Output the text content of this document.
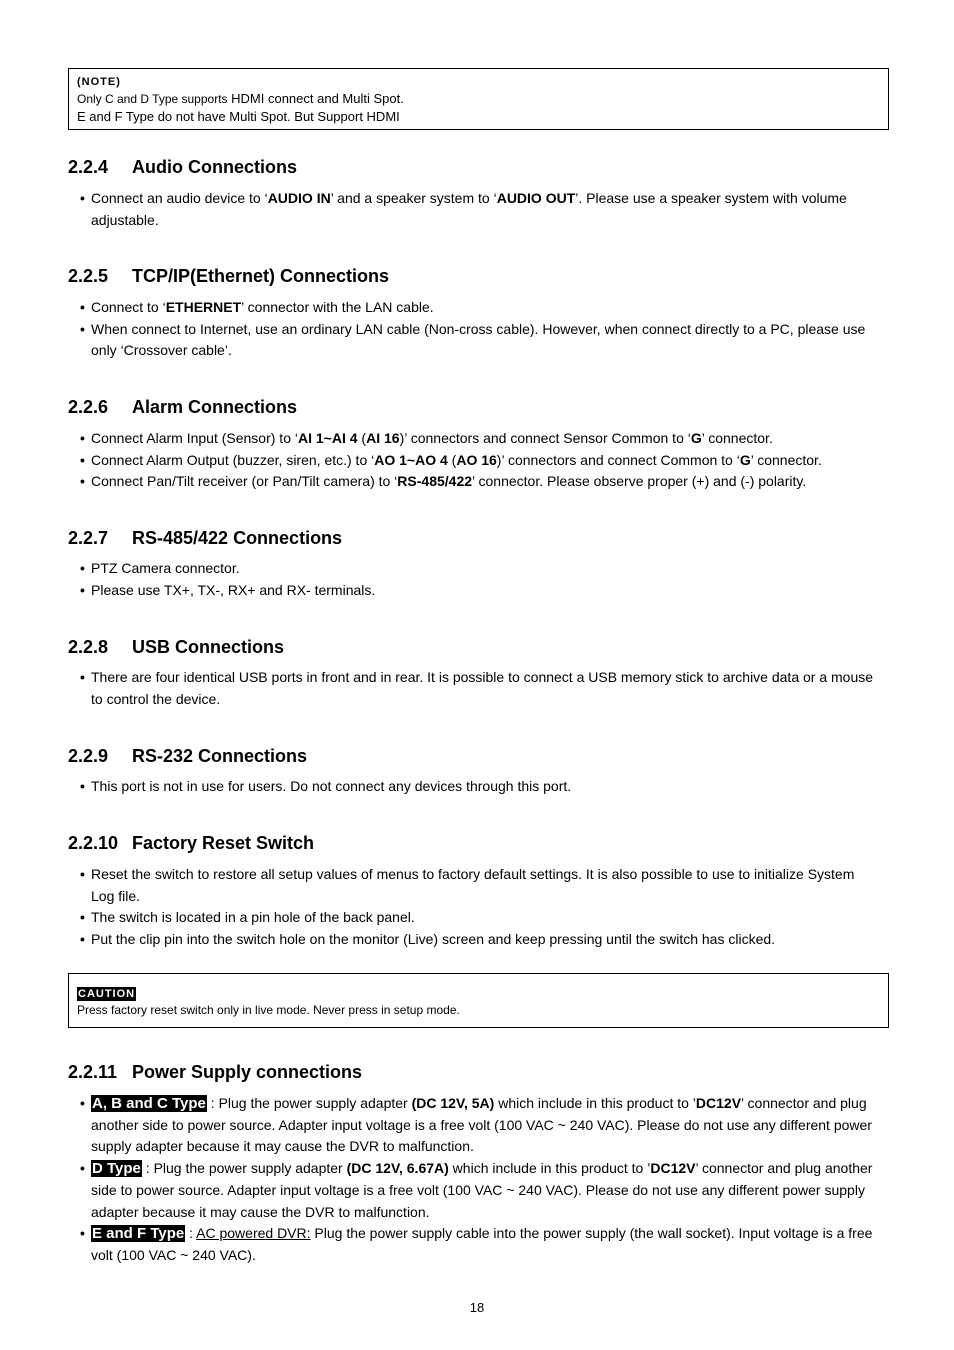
(NOTE)
Only C and D Type supports HDMI connect and Multi Spot.
E and F Type do not have Multi Spot. But Support HDMI
2.2.4 Audio Connections
• Connect an audio device to ‘AUDIO IN’ and a speaker system to ‘AUDIO OUT’. Please use a speaker system with volume adjustable.
2.2.5 TCP/IP(Ethernet) Connections
• Connect to ‘ETHERNET’ connector with the LAN cable.
• When connect to Internet, use an ordinary LAN cable (Non-cross cable). However, when connect directly to a PC, please use only ‘Crossover cable’.
2.2.6 Alarm Connections
• Connect Alarm Input (Sensor) to ‘AI 1~AI 4 (AI 16)’ connectors and connect Sensor Common to ‘G’ connector.
• Connect Alarm Output (buzzer, siren, etc.) to ‘AO 1~AO 4 (AO 16)’ connectors and connect Common to ‘G’ connector.
• Connect Pan/Tilt receiver (or Pan/Tilt camera) to ‘RS-485/422’ connector. Please observe proper (+) and (-) polarity.
2.2.7 RS-485/422 Connections
• PTZ Camera connector.
• Please use TX+, TX-, RX+ and RX- terminals.
2.2.8 USB Connections
• There are four identical USB ports in front and in rear. It is possible to connect a USB memory stick to archive data or a mouse to control the device.
2.2.9 RS-232 Connections
• This port is not in use for users. Do not connect any devices through this port.
2.2.10 Factory Reset Switch
• Reset the switch to restore all setup values of menus to factory default settings. It is also possible to use to initialize System Log file.
• The switch is located in a pin hole of the back panel.
• Put the clip pin into the switch hole on the monitor (Live) screen and keep pressing until the switch has clicked.
CAUTION
Press factory reset switch only in live mode. Never press in setup mode.
2.2.11 Power Supply connections
• A, B and C Type : Plug the power supply adapter (DC 12V, 5A) which include in this product to ’DC12V’ connector and plug another side to power source. Adapter input voltage is a free volt (100 VAC ~ 240 VAC). Please do not use any different power supply adapter because it may cause the DVR to malfunction.
• D Type : Plug the power supply adapter (DC 12V, 6.67A) which include in this product to ’DC12V’ connector and plug another side to power source. Adapter input voltage is a free volt (100 VAC ~ 240 VAC). Please do not use any different power supply adapter because it may cause the DVR to malfunction.
• E and F Type : AC powered DVR: Plug the power supply cable into the power supply (the wall socket). Input voltage is a free volt (100 VAC ~ 240 VAC).
18
